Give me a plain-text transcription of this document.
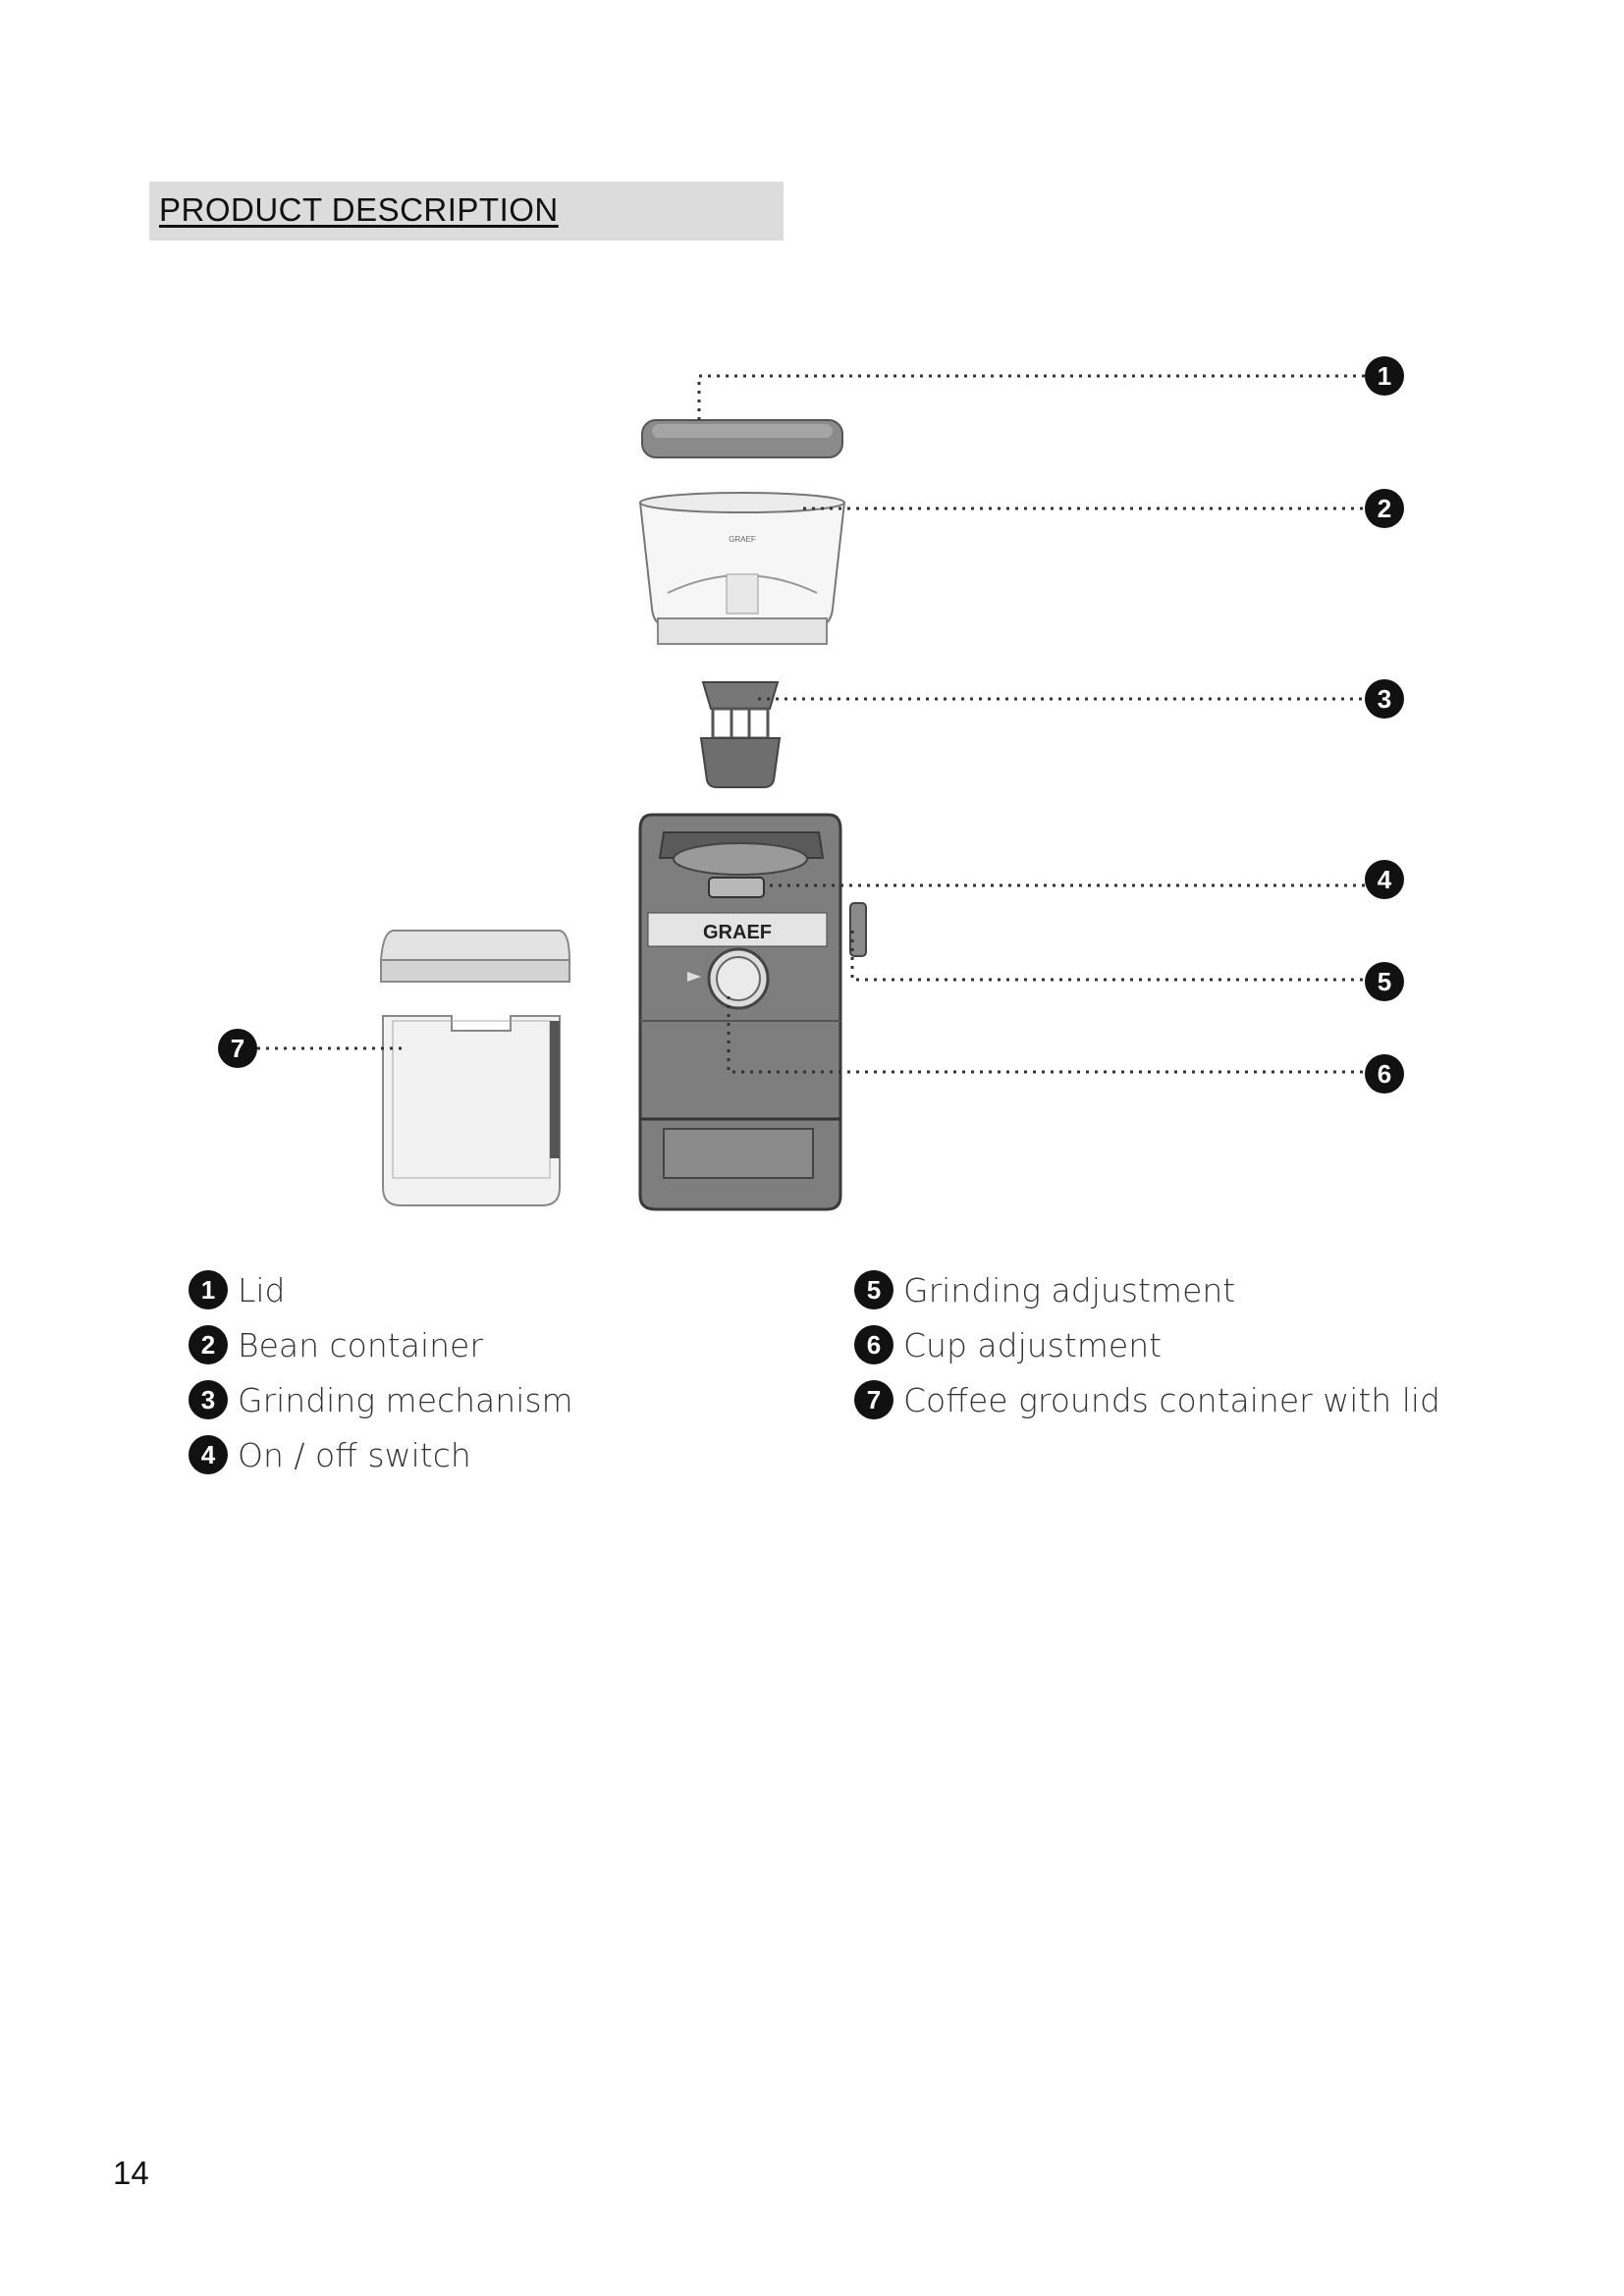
PRODUCT DESCRIPTION
GRAEF
GRAEF
1
2
3
4
5
6
7
1 Lid
2 Bean container
3 Grinding mechanism
4 On / off switch
5 Grinding adjustment
6 Cup adjustment
7 Coffee grounds container with lid
14
